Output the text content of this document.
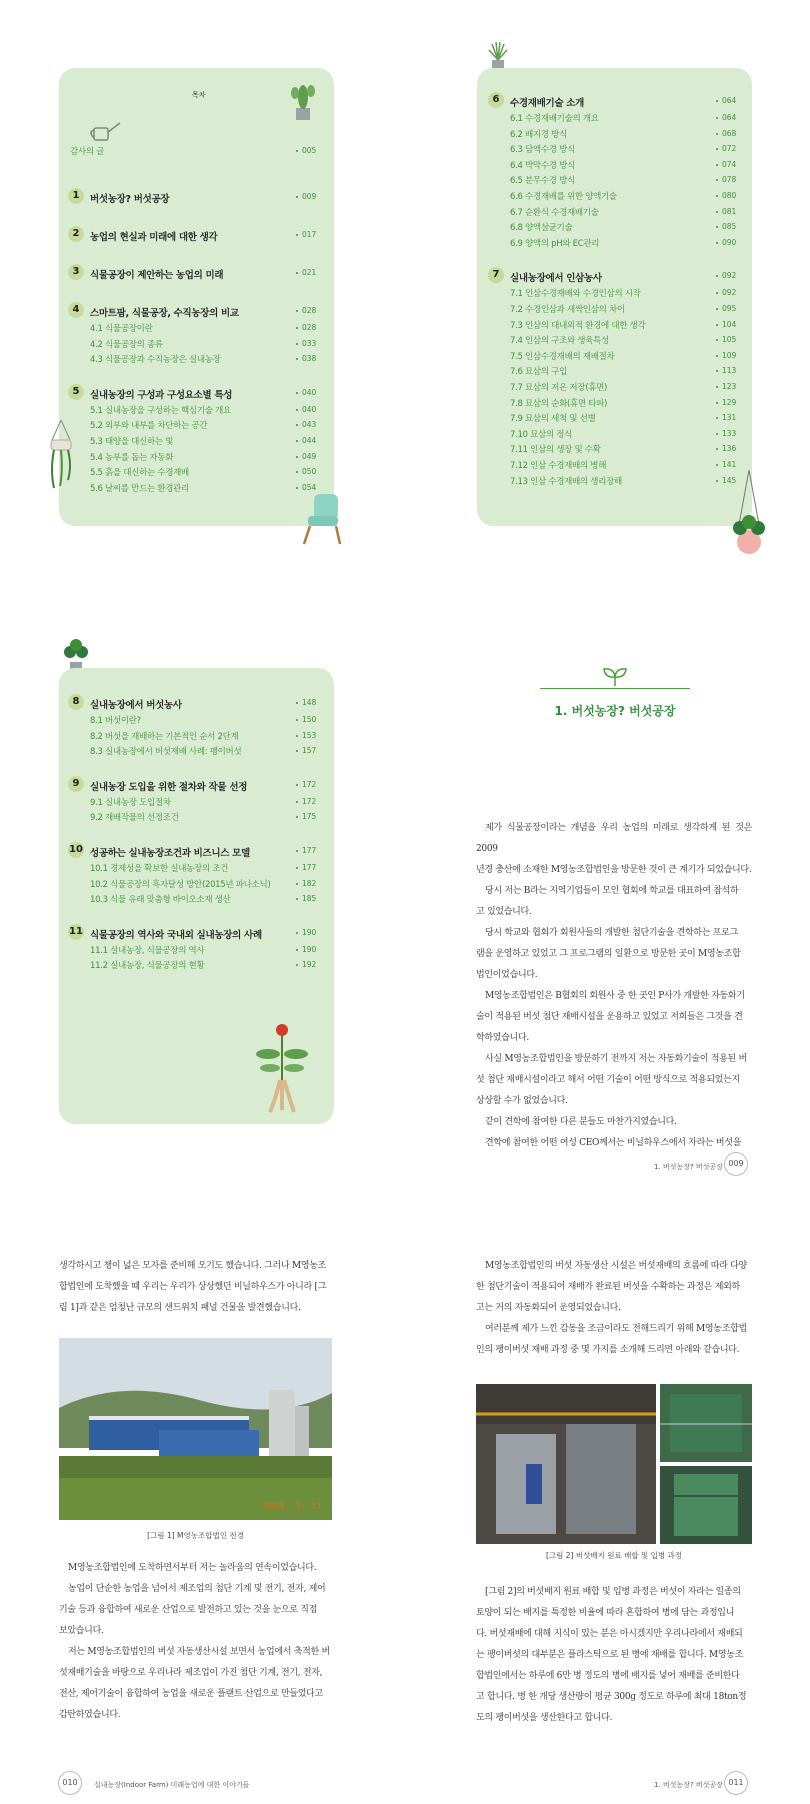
목차
감사의 글	005
1	버섯농장? 버섯공장	009
2	농업의 현실과 미래에 대한 생각	017
3	식물공장이 제안하는 농업의 미래	021
4	스마트팜, 식물공장, 수직농장의 비교	028
4.1 식물공장이란	028
4.2 식물공장의 종류	033
4.3 식물공장과 수직농장은 실내농장	038
5	실내농장의 구성과 구성요소별 특성	040
5.1 실내농장을 구성하는 핵심기술 개요	040
5.2 외부와 내부를 차단하는 공간	043
5.3 태양을 대신하는 빛	044
5.4 농부를 돕는 자동화	049
5.5 흙을 대신하는 수경재배	050
5.6 날씨를 만드는 환경관리	054
6	수경재배기술 소개	064
6.1 수경재배기술의 개요	064
6.2 배지경 방식	068
6.3 담액수경 방식	072
6.4 박막수경 방식	074
6.5 분무수경 방식	078
6.6 수경재배를 위한 양액기술	080
6.7 순환식 수경재배기술	081
6.8 양액살균기술	085
6.9 양액의 pH와 EC관리	090
7	실내농장에서 인삼농사	092
7.1 인삼수경재배와 수경인삼의 시작	092
7.2 수경인삼과 새싹인삼의 차이	095
7.3 인삼의 대내외적 환경에 대한 생각	104
7.4 인삼의 구조와 생육특성	105
7.5 인삼수경재배의 재배절차	109
7.6 묘삼의 구입	113
7.7 묘삼의 저온 저장(휴면)	123
7.8 묘삼의 순화(휴면 타파)	129
7.9 묘삼의 세척 및 선별	131
7.10 묘삼의 정식	133
7.11 인삼의 생장 및 수확	136
7.12 인삼 수경재배의 병해	141
7.13 인삼 수경재배의 생리장해	145
8	실내농장에서 버섯농사	148
8.1 버섯이란?	150
8.2 버섯을 재배하는 기본적인 순서 2단계	153
8.3 실내농장에서 버섯재배 사례: 팽이버섯	157
9	실내농장 도입을 위한 절차와 작물 선정	172
9.1 실내농장 도입절차	172
9.2 재배작물의 선정조건	175
10 성공하는 실내농장조건과 비즈니스 모델	177
10.1 경제성을 확보한 실내농장의 조건	177
10.2 식물공장의 흑자달성 방안(2015년 파나소닉)	182
10.3 식물 유래 맞춤형 바이오소재 생산	185
11 식물공장의 역사와 국내외 실내농장의 사례	190
11.1 실내농장, 식물공장의 역사	190
11.2 실내농장, 식물공장의 현황	192
1. 버섯농장? 버섯공장

제가 식물공장이라는 개념을 우리 농업의 미래로 생각하게 된 것은 2009

년경 충산에 소재한 M영농조합법인을 방문한 것이 큰 계기가 되었습니다.

당시 저는 B라는 지역기업들이 모인 협회에 학교를 대표하여 참석하

고 있었습니다.

당시 학교와 협회가 회원사들의 개발한 첨단기술을 견학하는 프로그

램을 운영하고 있었고 그 프로그램의 일환으로 방문한 곳이 M영농조합

법인이었습니다.

M영농조합법인은 B협회의 회원사 중 한 곳인 P사가 개발한 자동화기

술이 적용된 버섯 첨단 재배시설을 운용하고 있었고 저희들은 그것을 견

학하였습니다.

사실 M영농조합법인을 방문하기 전까지 저는 자동화기술이 적용된 버

섯 첨단 재배시설이라고 해서 어떤 기술이 어떤 방식으로 적용되었는지

상상할 수가 없었습니다.

같이 견학에 참여한 다른 분들도 마찬가지였습니다.

견학에 참여한 어떤 여성 CEO께서는 비닐하우스에서 자라는 버섯을

1. 버섯농장? 버섯공장 009

생각하시고 챙이 넓은 모자를 준비해 오기도 했습니다. 그러나 M영농조

합법인에 도착했을 때 우리는 우리가 상상했던 비닐하우스가 아니라 [그

림 1]과 같은 엄청난 규모의 샌드위치 패널 건물을 발견했습니다.

2009. 3. 11
[그림 1] M영농조합법인 전경

M영농조합법인에 도착하면서부터 저는 놀라움의 연속이었습니다.

농업이 단순한 농업을 넘어서 제조업의 첨단 기계 및 전기, 전자, 제어

기술 등과 융합하여 새로운 산업으로 발전하고 있는 것을 눈으로 직접

보았습니다.

저는 M영농조합법인의 버섯 자동생산시설 보면서 농업에서 축적한 버

섯재배기술을 바탕으로 우리나라 제조업이 가진 첨단 기계, 전기, 전자,

전산, 제어기술이 융합하여 농업을 새로운 플랜트 산업으로 만들었다고

감탄하였습니다.

010	실내농장(Indoor Farm) 미래농업에 대한 이야기들

M영농조합법인의 버섯 자동생산 시설은 버섯재배의 흐름에 따라 다양

한 첨단기술이 적용되어 재배가 완료된 버섯을 수확하는 과정은 제외하

고는 거의 자동화되어 운영되었습니다.

여러분께 제가 느낀 감동을 조금이라도 전해드리기 위해 M영농조합법

인의 팽이버섯 재배 과정 중 몇 가지를 소개해 드리면 아래와 같습니다.

[그림 2] 버섯배지 원료 배합 및 입병 과정

[그림 2]의 버섯배지 원료 배합 및 입병 과정은 버섯이 자라는 일종의

토양이 되는 배지를 특정한 비율에 따라 혼합하여 병에 담는 과정입니

다. 버섯재배에 대해 지식이 있는 분은 아시겠지만 우리나라에서 재배되

는 팽이버섯의 대부분은 플라스틱으로 된 병에 재배를 합니다. M영농조

합법인에서는 하루에 6만 병 정도의 병에 배지를 넣어 재배를 준비한다

고 합니다. 병 한 개당 생산량이 평균 300g 정도로 하루에 최대 18ton정

도의 팽이버섯을 생산한다고 합니다.

1. 버섯농장? 버섯공장 011
